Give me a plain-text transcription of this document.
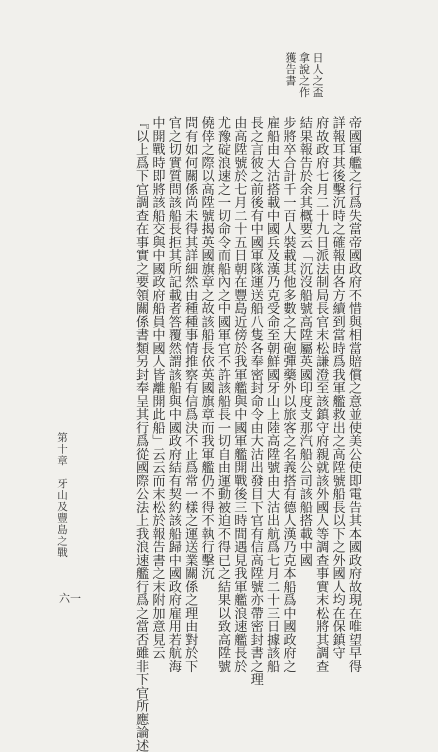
日人之盃
拿說之作
獲告書
帝國軍艦之行爲失當帝國政府不惜與相當賠償之意並使美公使即電告其本國政府故現在唯望早得
詳報耳其後擊沉時之確報由各方續到當時爲我軍艦救出之高陞號船長以下之外國人均在保鎮守
府故政府七月二十九日派法制局長官末松謙澄至該鎮守府親就該外國人等調查事實末松將其調查
結果報告於余其概要云「沉沒船號高陞屬英國印度支那汽船公司該船搭載中國
步將卒合計千一百人裝載其他多數之大砲彈藥外以旅客之名義搭有德人漢乃克本船爲中國政府之
雇船由大沽搭載中國兵及漢乃克受命至朝鮮國牙山上陸高陞號由大沽出航爲七月二十三日據該船
長之言彼之前後有中國軍隊運送船八隻各奉密封命令由大沽出發目下官有信高陞號亦帶密封書之理
由高陞號於七月二十五日朝在豐島近傍於我軍艦與中國軍艦開戰後三時間遇見我軍艦浪速艦長於
尤豫碇浪速之一切命令而船內之中國軍官不許該船長一切自由運動被迫不得已之結果以致高陞號
僥倖之際以高陞號揭英國旗章之故該船長依英國旗章而我軍艦仍不得不執行擊沉
問有如何關係尚未得其詳細然由種種事情推察有信爲決不止爲常一樣之運送業關係之理由對於下
官之切實質問該船長拒其所記載者答覆然謂該船與中國政府結有契約該船歸中國政府雇用若航海
中開戰時即將該船交與中國政府船員中國人皆離開此船」云云而末松於報告書之末附加意見云
『以上爲下官調查在事實之要領關係書類另封奉呈其行爲從國際公法上我浪速艦行爲之當否雖非下官所應論述
第十章　牙山及豐島之戰
六一
